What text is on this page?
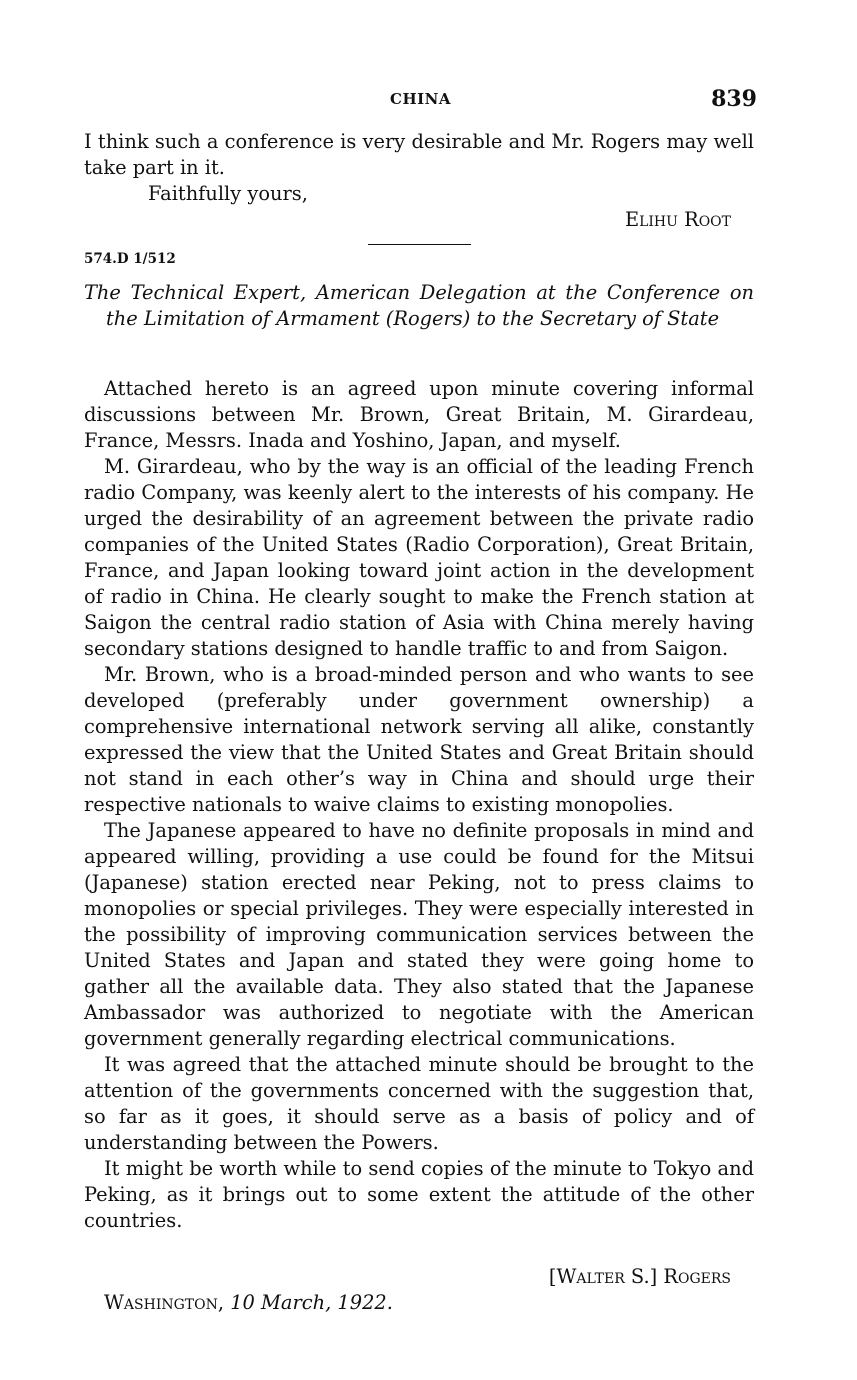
CHINA	839

I think such a conference is very desirable and Mr. Rogers may well take part in it.

Faithfully yours,
Elihu Root
574.D 1/512
The Technical Expert, American Delegation at the Conference on the Limitation of Armament (Rogers) to the Secretary of State

Attached hereto is an agreed upon minute covering informal discussions between Mr. Brown, Great Britain, M. Girardeau, France, Messrs. Inada and Yoshino, Japan, and myself.

M. Girardeau, who by the way is an official of the leading French radio Company, was keenly alert to the interests of his company. He urged the desirability of an agreement between the private radio companies of the United States (Radio Corporation), Great Britain, France, and Japan looking toward joint action in the development of radio in China. He clearly sought to make the French station at Saigon the central radio station of Asia with China merely having secondary stations designed to handle traffic to and from Saigon.

Mr. Brown, who is a broad-minded person and who wants to see developed (preferably under government ownership) a comprehensive international network serving all alike, constantly expressed the view that the United States and Great Britain should not stand in each other’s way in China and should urge their respective nationals to waive claims to existing monopolies.

The Japanese appeared to have no definite proposals in mind and appeared willing, providing a use could be found for the Mitsui (Japanese) station erected near Peking, not to press claims to monopolies or special privileges. They were especially interested in the possibility of improving communication services between the United States and Japan and stated they were going home to gather all the available data. They also stated that the Japanese Ambassador was authorized to negotiate with the American government generally regarding electrical communications.

It was agreed that the attached minute should be brought to the attention of the governments concerned with the suggestion that, so far as it goes, it should serve as a basis of policy and of understanding between the Powers.

It might be worth while to send copies of the minute to Tokyo and Peking, as it brings out to some extent the attitude of the other countries.

[Walter S.] Rogers
Washington, 10 March, 1922.
